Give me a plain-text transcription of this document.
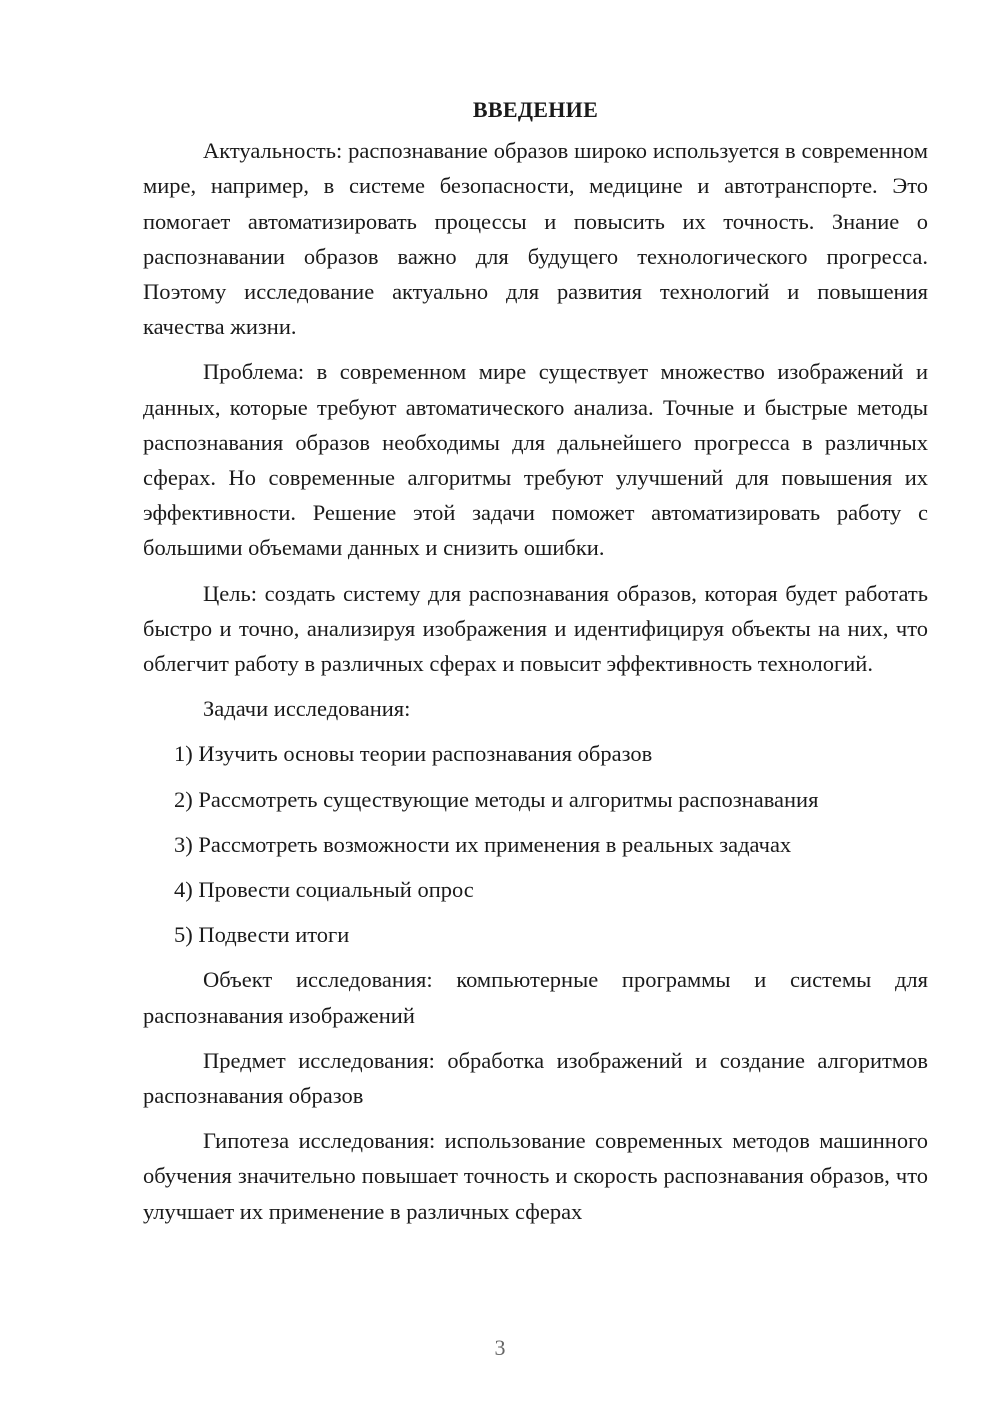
ВВЕДЕНИЕ

Актуальность: распознавание образов широко используется в современном мире, например, в системе безопасности, медицине и автотранспорте. Это помогает автоматизировать процессы и повысить их точность. Знание о распознавании образов важно для будущего технологического прогресса. Поэтому исследование актуально для развития технологий и повышения качества жизни.

Проблема: в современном мире существует множество изображений и данных, которые требуют автоматического анализа. Точные и быстрые методы распознавания образов необходимы для дальнейшего прогресса в различных сферах. Но современные алгоритмы требуют улучшений для повышения их эффективности. Решение этой задачи поможет автоматизировать работу с большими объемами данных и снизить ошибки.

Цель: создать систему для распознавания образов, которая будет работать быстро и точно, анализируя изображения и идентифицируя объекты на них, что облегчит работу в различных сферах и повысит эффективность технологий.

Задачи исследования:

1) Изучить основы теории распознавания образов
2) Рассмотреть существующие методы и алгоритмы распознавания
3) Рассмотреть возможности их применения в реальных задачах
4) Провести социальный опрос
5) Подвести итоги

Объект исследования: компьютерные программы и системы для распознавания изображений

Предмет исследования: обработка изображений и создание алгоритмов распознавания образов

Гипотеза исследования: использование современных методов машинного обучения значительно повышает точность и скорость распознавания образов, что улучшает их применение в различных сферах

3
